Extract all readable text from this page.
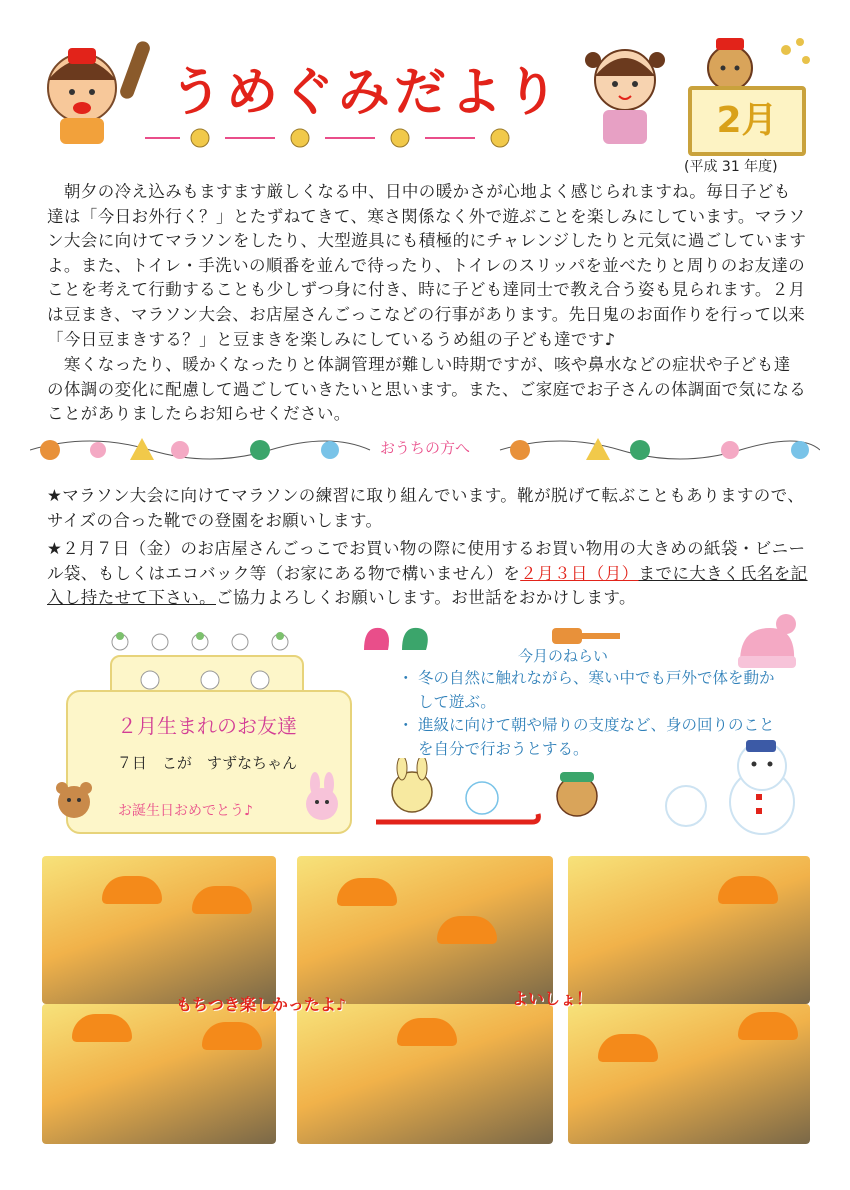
うめぐみだより	2月
(平成 31 年度)
　朝夕の冷え込みもますます厳しくなる中、日中の暖かさが心地よく感じられますね。毎日子ども達は「今日お外行く？」とたずねてきて、寒さ関係なく外で遊ぶことを楽しみにしています。マラソン大会に向けてマラソンをしたり、大型遊具にも積極的にチャレンジしたりと元気に過ごしていますよ。また、トイレ・手洗いの順番を並んで待ったり、トイレのスリッパを並べたりと周りのお友達のことを考えて行動することも少しずつ身に付き、時に子ども達同士で教え合う姿も見られます。２月は豆まき、マラソン大会、お店屋さんごっこなどの行事があります。先日鬼のお面作りを行って以来「今日豆まきする？」と豆まきを楽しみにしているうめ組の子ども達です♪
　寒くなったり、暖かくなったりと体調管理が難しい時期ですが、咳や鼻水などの症状や子ども達の体調の変化に配慮して過ごしていきたいと思います。また、ご家庭でお子さんの体調面で気になることがありましたらお知らせください。
おうちの方へ
★マラソン大会に向けてマラソンの練習に取り組んでいます。靴が脱げて転ぶこともありますので、サイズの合った靴での登園をお願いします。
★２月７日（金）のお店屋さんごっこでお買い物の際に使用するお買い物用の大きめの紙袋・ビニール袋、もしくはエコバック等（お家にある物で構いません）を２月３日（月）までに大きく氏名を記入し持たせて下さい。ご協力よろしくお願いします。お世話をおかけします。
２月生まれのお友達
７日　こが　すずなちゃん
お誕生日おめでとう♪
今月のねらい
・ 冬の自然に触れながら、寒い中でも戸外で体を動かして遊ぶ。
・ 進級に向けて朝や帰りの支度など、身の回りのことを自分で行おうとする。
もちつき楽しかったよ♪	よいしょ！
